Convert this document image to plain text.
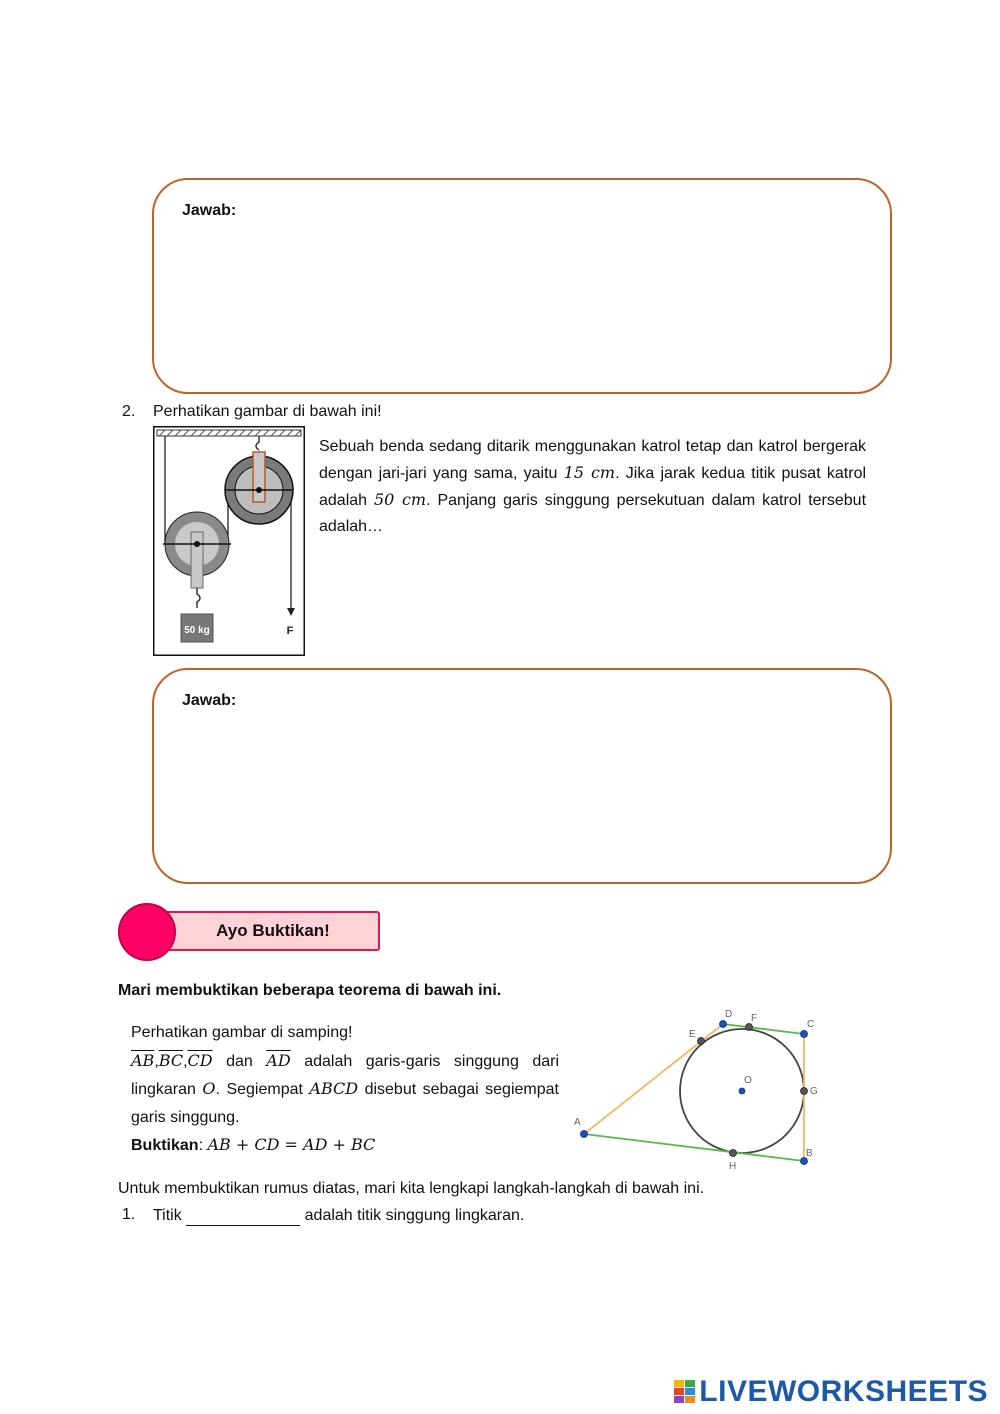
Jawab:
2. Perhatikan gambar di bawah ini!
50 kg	F
Sebuah benda sedang ditarik menggunakan katrol tetap dan katrol bergerak dengan jari-jari yang sama, yaitu 15 cm. Jika jarak kedua titik pusat katrol adalah 50 cm. Panjang garis singgung persekutuan dalam katrol tersebut adalah…
Jawab:
Ayo Buktikan!
Mari membuktikan beberapa teorema di bawah ini.
Perhatikan gambar di samping!
$\overline{AB},\overline{BC},\overline{CD}$ dan $\overline{AD}$ adalah garis-garis singgung dari lingkaran O. Segiempat ABCD disebut sebagai segiempat garis singgung.
Buktikan: AB + CD = AD + BC
A
B
C
D
E
F
G
H
O
Untuk membuktikan rumus diatas, mari kita lengkapi langkah-langkah di bawah ini.
1. Titik	adalah titik singgung lingkaran.
LIVEWORKSHEETS
